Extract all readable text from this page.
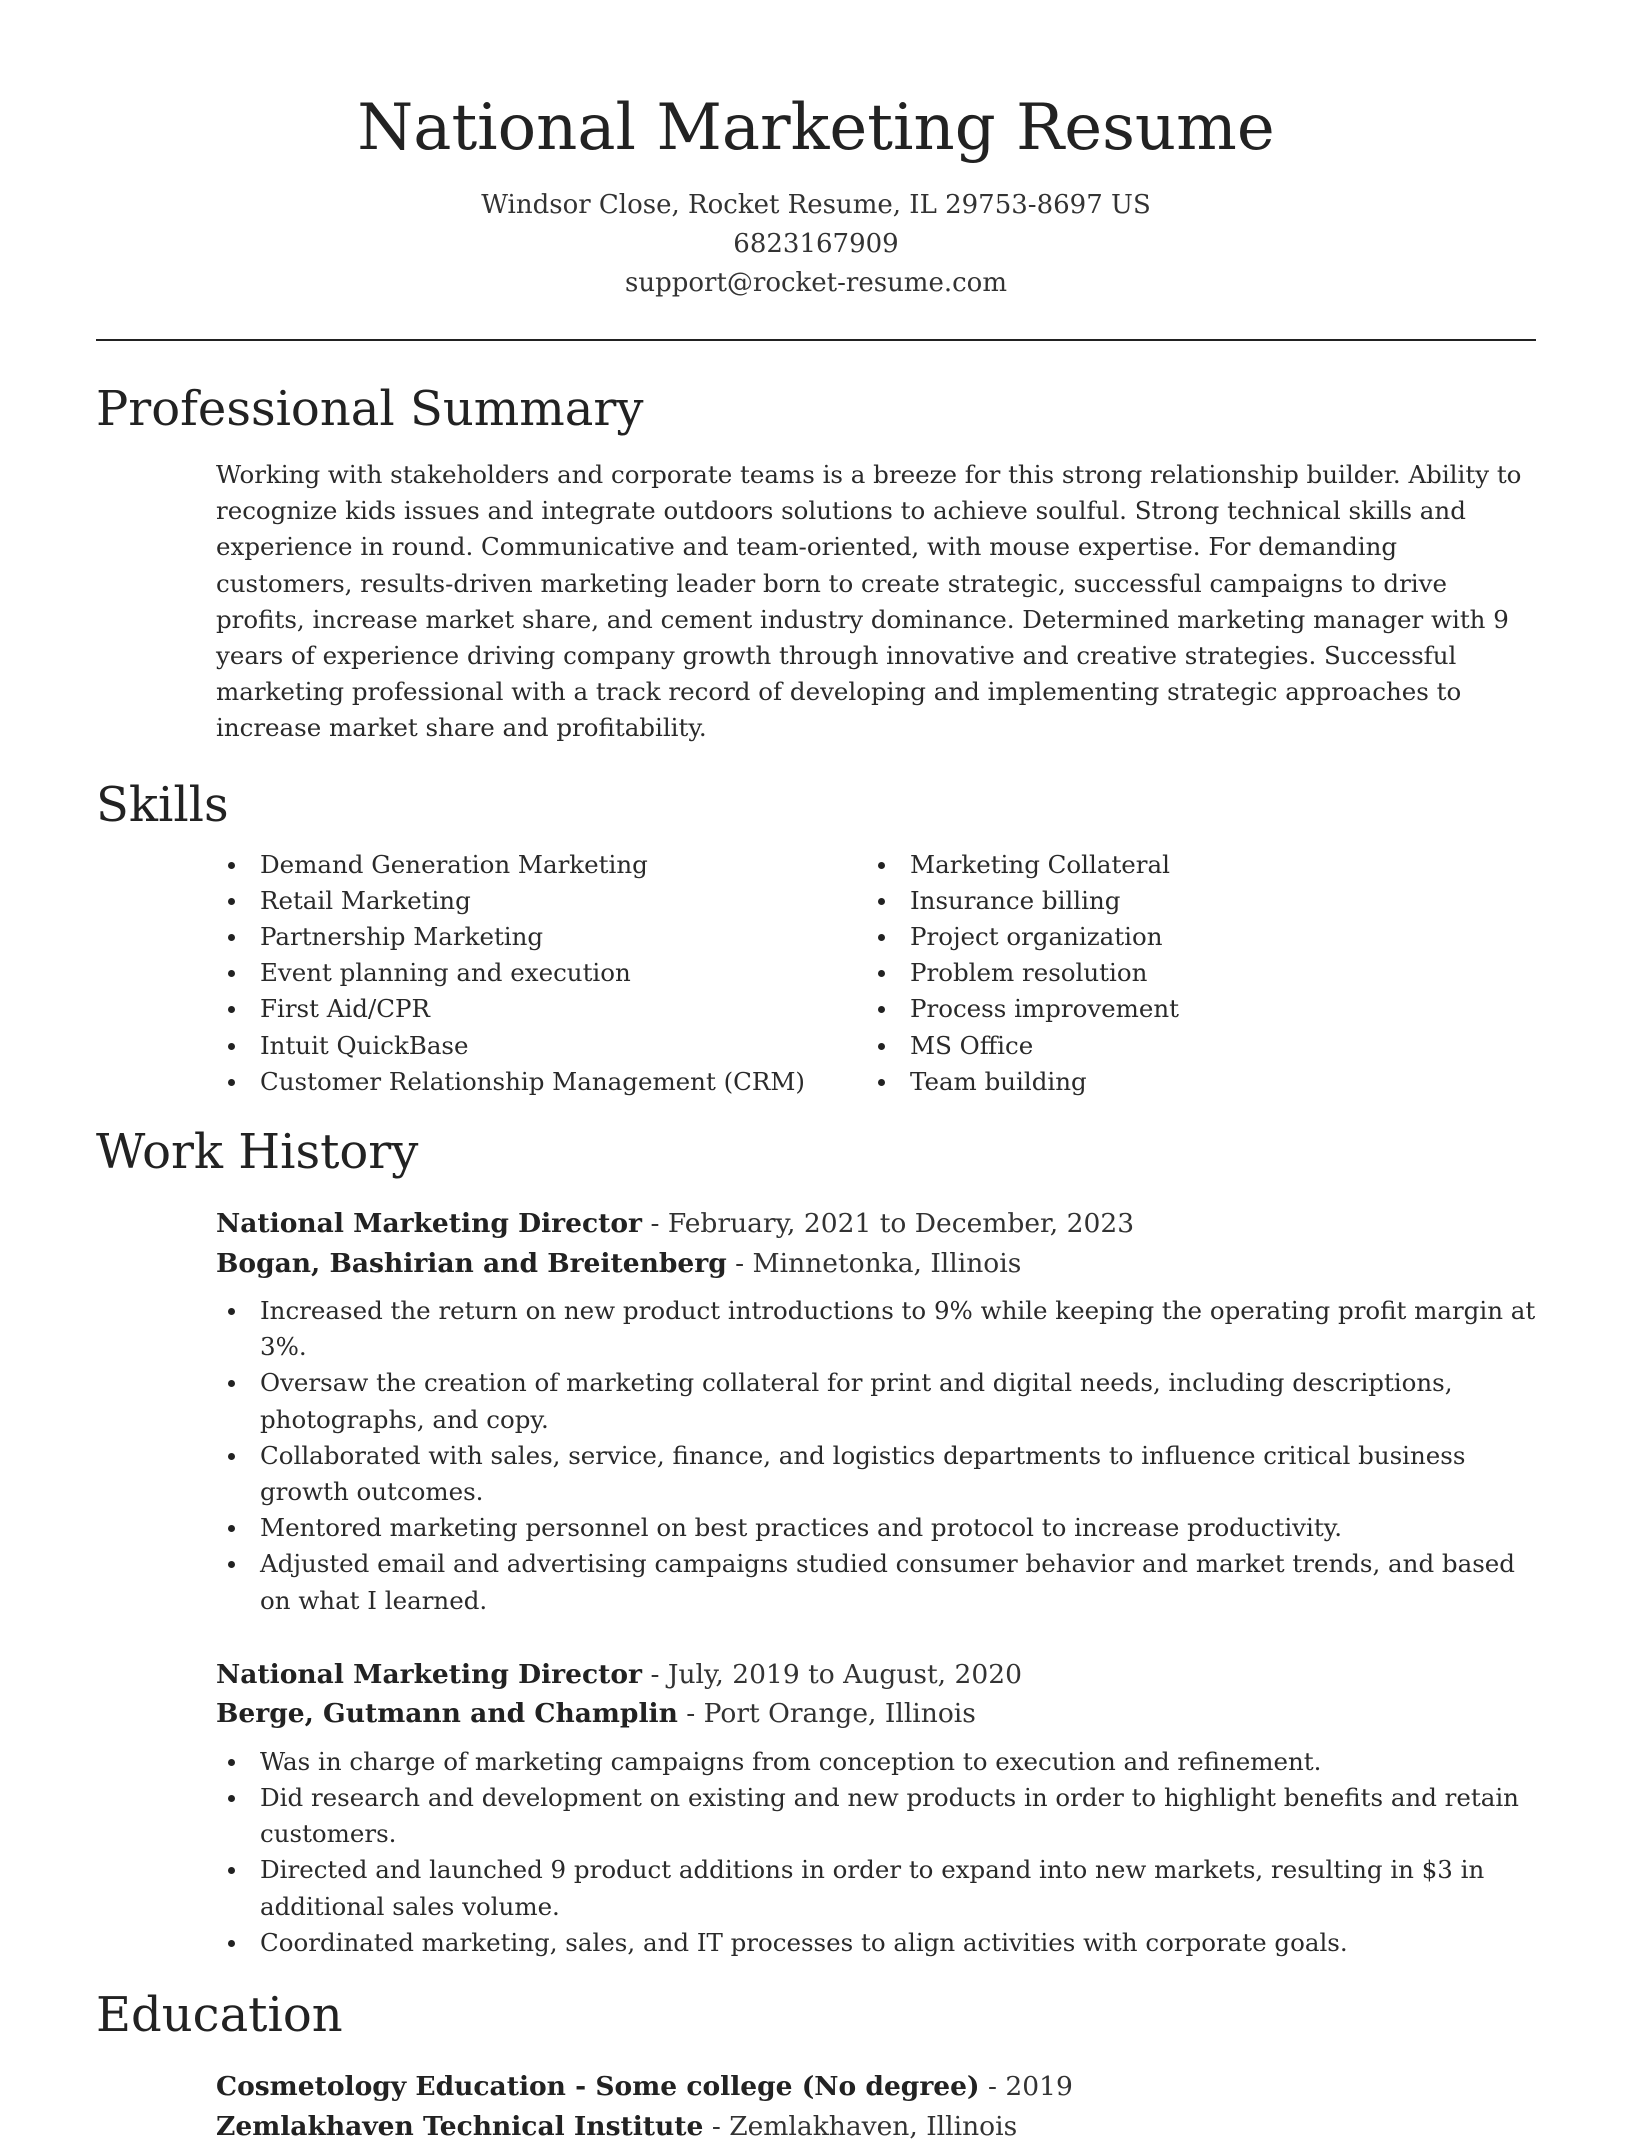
National Marketing Resume
Windsor Close, Rocket Resume, IL 29753-8697 US
6823167909
support@rocket-resume.com
Professional Summary
Working with stakeholders and corporate teams is a breeze for this strong relationship builder. Ability to recognize kids issues and integrate outdoors solutions to achieve soulful. Strong technical skills and experience in round. Communicative and team-oriented, with mouse expertise. For demanding customers, results-driven marketing leader born to create strategic, successful campaigns to drive profits, increase market share, and cement industry dominance. Determined marketing manager with 9 years of experience driving company growth through innovative and creative strategies. Successful marketing professional with a track record of developing and implementing strategic approaches to increase market share and profitability.
Skills
Demand Generation Marketing
Retail Marketing
Partnership Marketing
Event planning and execution
First Aid/CPR
Intuit QuickBase
Customer Relationship Management (CRM)
Marketing Collateral
Insurance billing
Project organization
Problem resolution
Process improvement
MS Office
Team building
Work History
National Marketing Director - February, 2021 to December, 2023
Bogan, Bashirian and Breitenberg - Minnetonka, Illinois
Increased the return on new product introductions to 9% while keeping the operating profit margin at 3%.
Oversaw the creation of marketing collateral for print and digital needs, including descriptions, photographs, and copy.
Collaborated with sales, service, finance, and logistics departments to influence critical business growth outcomes.
Mentored marketing personnel on best practices and protocol to increase productivity.
Adjusted email and advertising campaigns studied consumer behavior and market trends, and based on what I learned.
National Marketing Director - July, 2019 to August, 2020
Berge, Gutmann and Champlin - Port Orange, Illinois
Was in charge of marketing campaigns from conception to execution and refinement.
Did research and development on existing and new products in order to highlight benefits and retain customers.
Directed and launched 9 product additions in order to expand into new markets, resulting in $3 in additional sales volume.
Coordinated marketing, sales, and IT processes to align activities with corporate goals.
Education
Cosmetology Education - Some college (No degree) - 2019
Zemlakhaven Technical Institute - Zemlakhaven, Illinois
